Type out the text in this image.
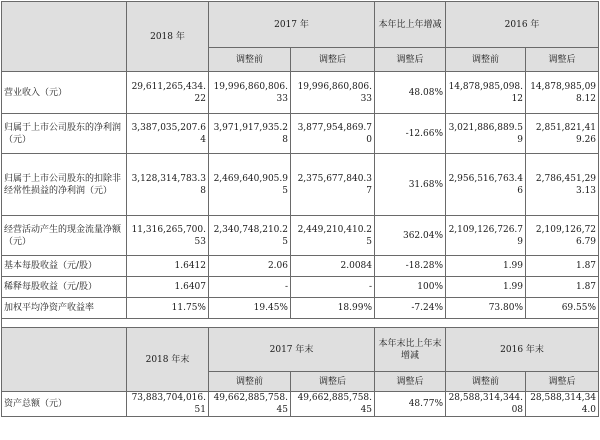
	2018 年	2017 年		本年比上年增减	2016 年	
		调整前	调整后	调整后	调整前	调整后
营业收入（元）	29,611,265,434.22	19,996,860,806.33	19,996,860,806.33	48.08%	14,878,985,098.12	14,878,985,098.12
归属于上市公司股东的净利润（元）	3,387,035,207.64	3,971,917,935.28	3,877,954,869.70	-12.66%	3,021,886,889.59	2,851,821,419.26
归属于上市公司股东的扣除非经常性损益的净利润（元）	3,128,314,783.38	2,469,640,905.95	2,375,677,840.37	31.68%	2,956,516,763.46	2,786,451,293.13
经营活动产生的现金流量净额（元）	11,316,265,700.53	2,340,748,210.25	2,449,210,410.25	362.04%	2,109,126,726.79	2,109,126,726.79
基本每股收益（元/股）	1.6412	2.06	2.0084	-18.28%	1.99	1.87
稀释每股收益（元/股）	1.6407	-	-	100%	1.99	1.87
加权平均净资产收益率	11.75%	19.45%	18.99%	-7.24%	73.80%	69.55%

	2018 年末	2017 年末		本年末比上年末增减	2016 年末	
		调整前	调整后	调整后	调整前	调整后
资产总额（元）	73,883,704,016.51	49,662,885,758.45	49,662,885,758.45	48.77%	28,588,314,344.08	28,588,314,344.0
